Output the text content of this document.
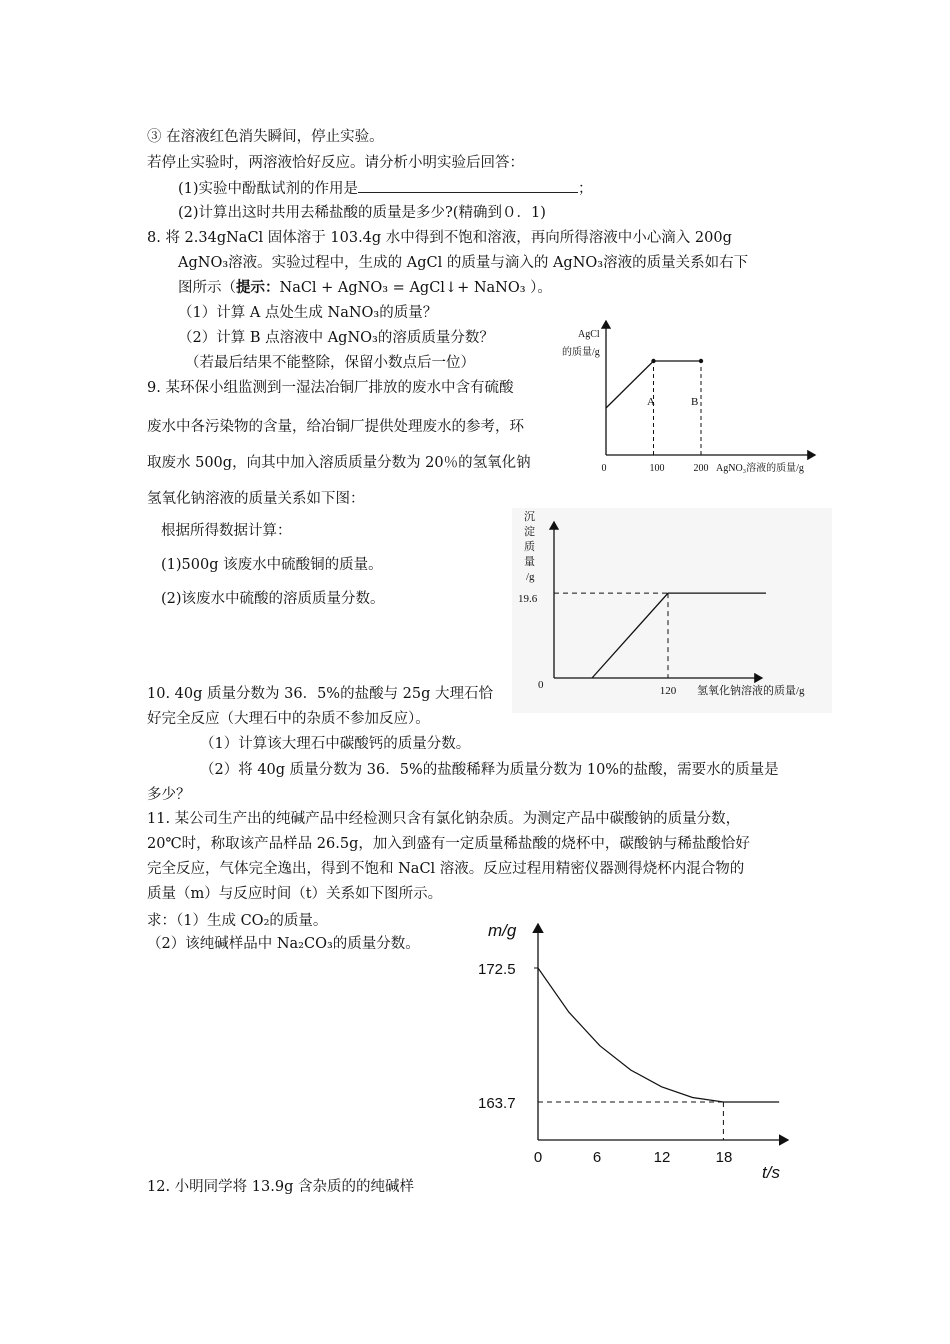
③ 在溶液红色消失瞬间，停止实验。
若停止实验时，两溶液恰好反应。请分析小明实验后回答：
(1)实验中酚酞试剂的作用是	；
(2)计算出这时共用去稀盐酸的质量是多少?(精确到０．1)
8. 将 2.34gNaCl 固体溶于 103.4g 水中得到不饱和溶液，再向所得溶液中小心滴入 200g
AgNO₃溶液。实验过程中，生成的 AgCl 的质量与滴入的 AgNO₃溶液的质量关系如右下
图所示（提示：NaCl + AgNO₃ = AgCl↓+ NaNO₃ ）。
（1）计算 A 点处生成 NaNO₃的质量？
（2）计算 B 点溶液中 AgNO₃的溶质质量分数？
（若最后结果不能整除，保留小数点后一位）
9. 某环保小组监测到一湿法冶铜厂排放的废水中含有硫酸
废水中各污染物的含量，给冶铜厂提供处理废水的参考，环
取废水 500g，向其中加入溶质质量分数为 20％的氢氧化钠
氢氧化钠溶液的质量关系如下图：
根据所得数据计算：
(1)500g 该废水中硫酸铜的质量。
(2)该废水中硫酸的溶质质量分数。
10. 40g 质量分数为 36．5%的盐酸与 25g 大理石恰
好完全反应（大理石中的杂质不参加反应）。
（1）计算该大理石中碳酸钙的质量分数。
（2）将 40g 质量分数为 36．5%的盐酸稀释为质量分数为 10%的盐酸，需要水的质量是
多少？
11. 某公司生产出的纯碱产品中经检测只含有氯化钠杂质。为测定产品中碳酸钠的质量分数，
20℃时，称取该产品样品 26.5g，加入到盛有一定质量稀盐酸的烧杯中，碳酸钠与稀盐酸恰好
完全反应，气体完全逸出，得到不饱和 NaCl 溶液。反应过程用精密仪器测得烧杯内混合物的
质量（m）与反应时间（t）关系如下图所示。
求：（1）生成 CO₂的质量。
（2）该纯碱样品中 Na₂CO₃的质量分数。
12. 小明同学将 13.9g 含杂质的的纯碱样
AgCl
的质量/g
0	100	200 AgNO₃溶液的质量/g
A	B
沉
淀
质
量
/g
19.6
0	120 氢氧化钠溶液的质量/g
m/g
172.5
163.7
0	6	12	18
t/s
